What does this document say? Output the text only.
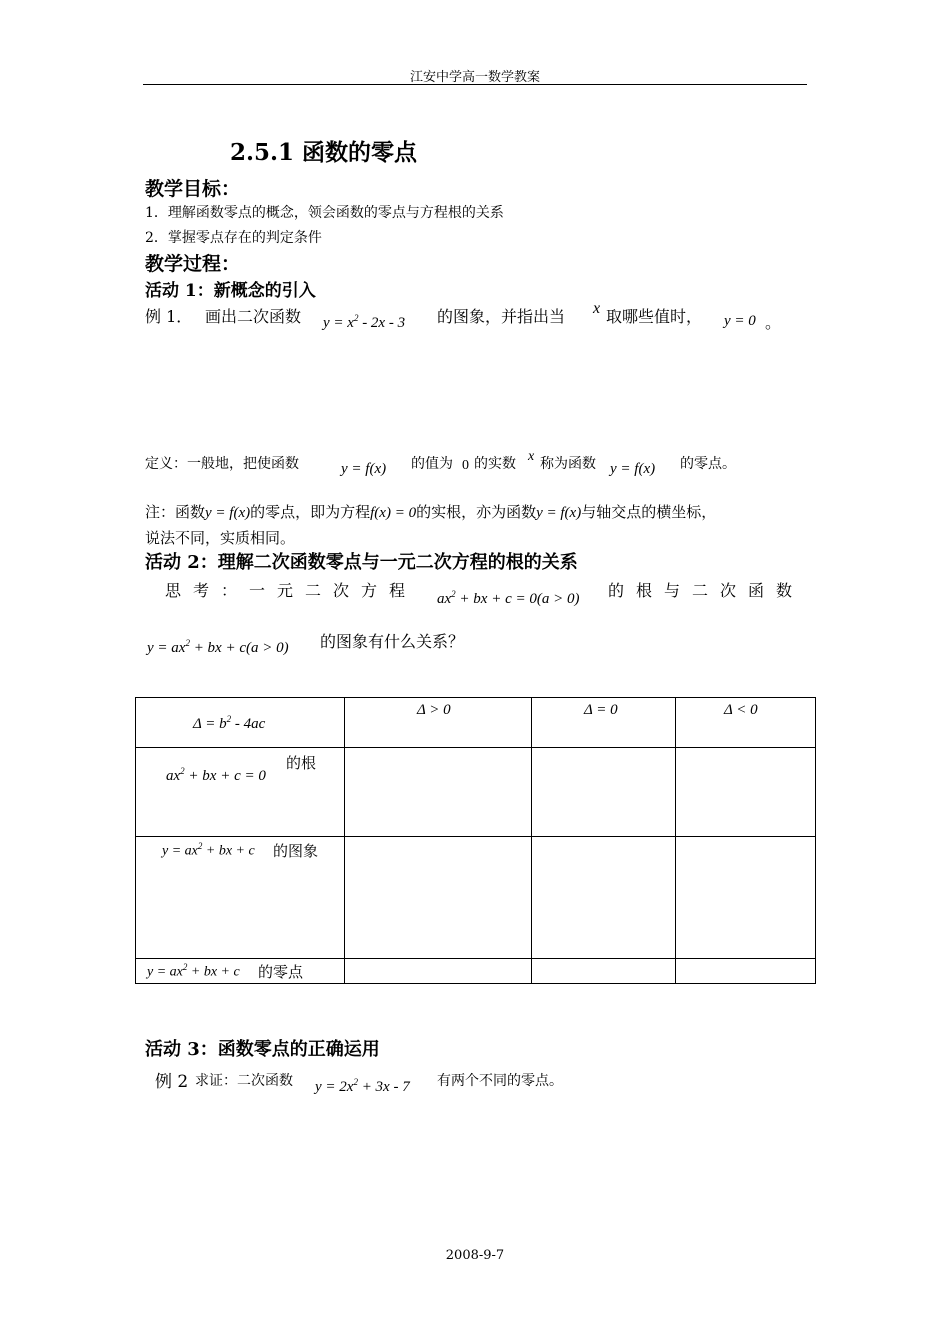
江安中学高一数学教案
2.5.1 函数的零点
教学目标：
1．理解函数零点的概念，领会函数的零点与方程根的关系
2．掌握零点存在的判定条件
教学过程：
活动 1：新概念的引入
例 1． 画出二次函数 $y = x^2 - 2x - 3$ 的图象，并指出当 x 取哪些值时， y = 0 。
定义：一般地，把使函数	y = f(x) 的值为 0 的实数 x 称为函数 y = f(x) 的零点。
注：函数y = f(x)的零点，即为方程f(x) = 0的实根，亦为函数y = f(x)与轴交点的横坐标，
说法不同，实质相同。
活动 2：理解二次函数零点与一元二次方程的根的关系
思考：一元二次方程 $ax^2$ + bx + c = 0(a > 0) 的根与二次函数
$y = ax^2$ + bx + c(a > 0) 的图象有什么关系？
$\Delta = b^2 - 4ac$	Δ > 0	Δ = 0	Δ < 0

$ax^2$ + bx + c = 0
的根			

$y = ax^2$ + bx + c 的图象			

$y = ax^2$ + bx + c 的零点			

活动 3：函数零点的正确运用
例 2 求证：二次函数 $y = 2x^2 + 3x - 7$ 有两个不同的零点。
2008-9-7
